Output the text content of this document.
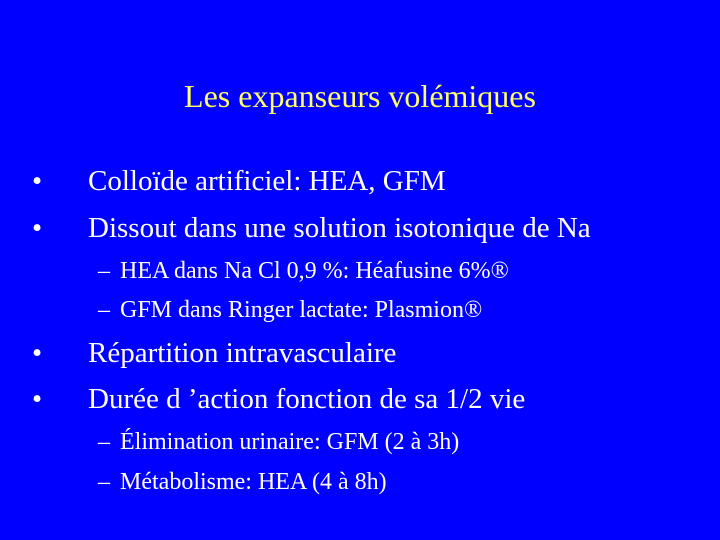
Les expanseurs volémiques
• Colloïde artificiel: HEA, GFM
• Dissout dans une solution isotonique de Na
– HEA dans Na Cl 0,9 %: Héafusine 6%®
– GFM dans Ringer lactate: Plasmion®
• Répartition intravasculaire
• Durée d ’action fonction de sa 1/2 vie
– Élimination urinaire: GFM (2 à 3h)
– Métabolisme: HEA (4 à 8h)
